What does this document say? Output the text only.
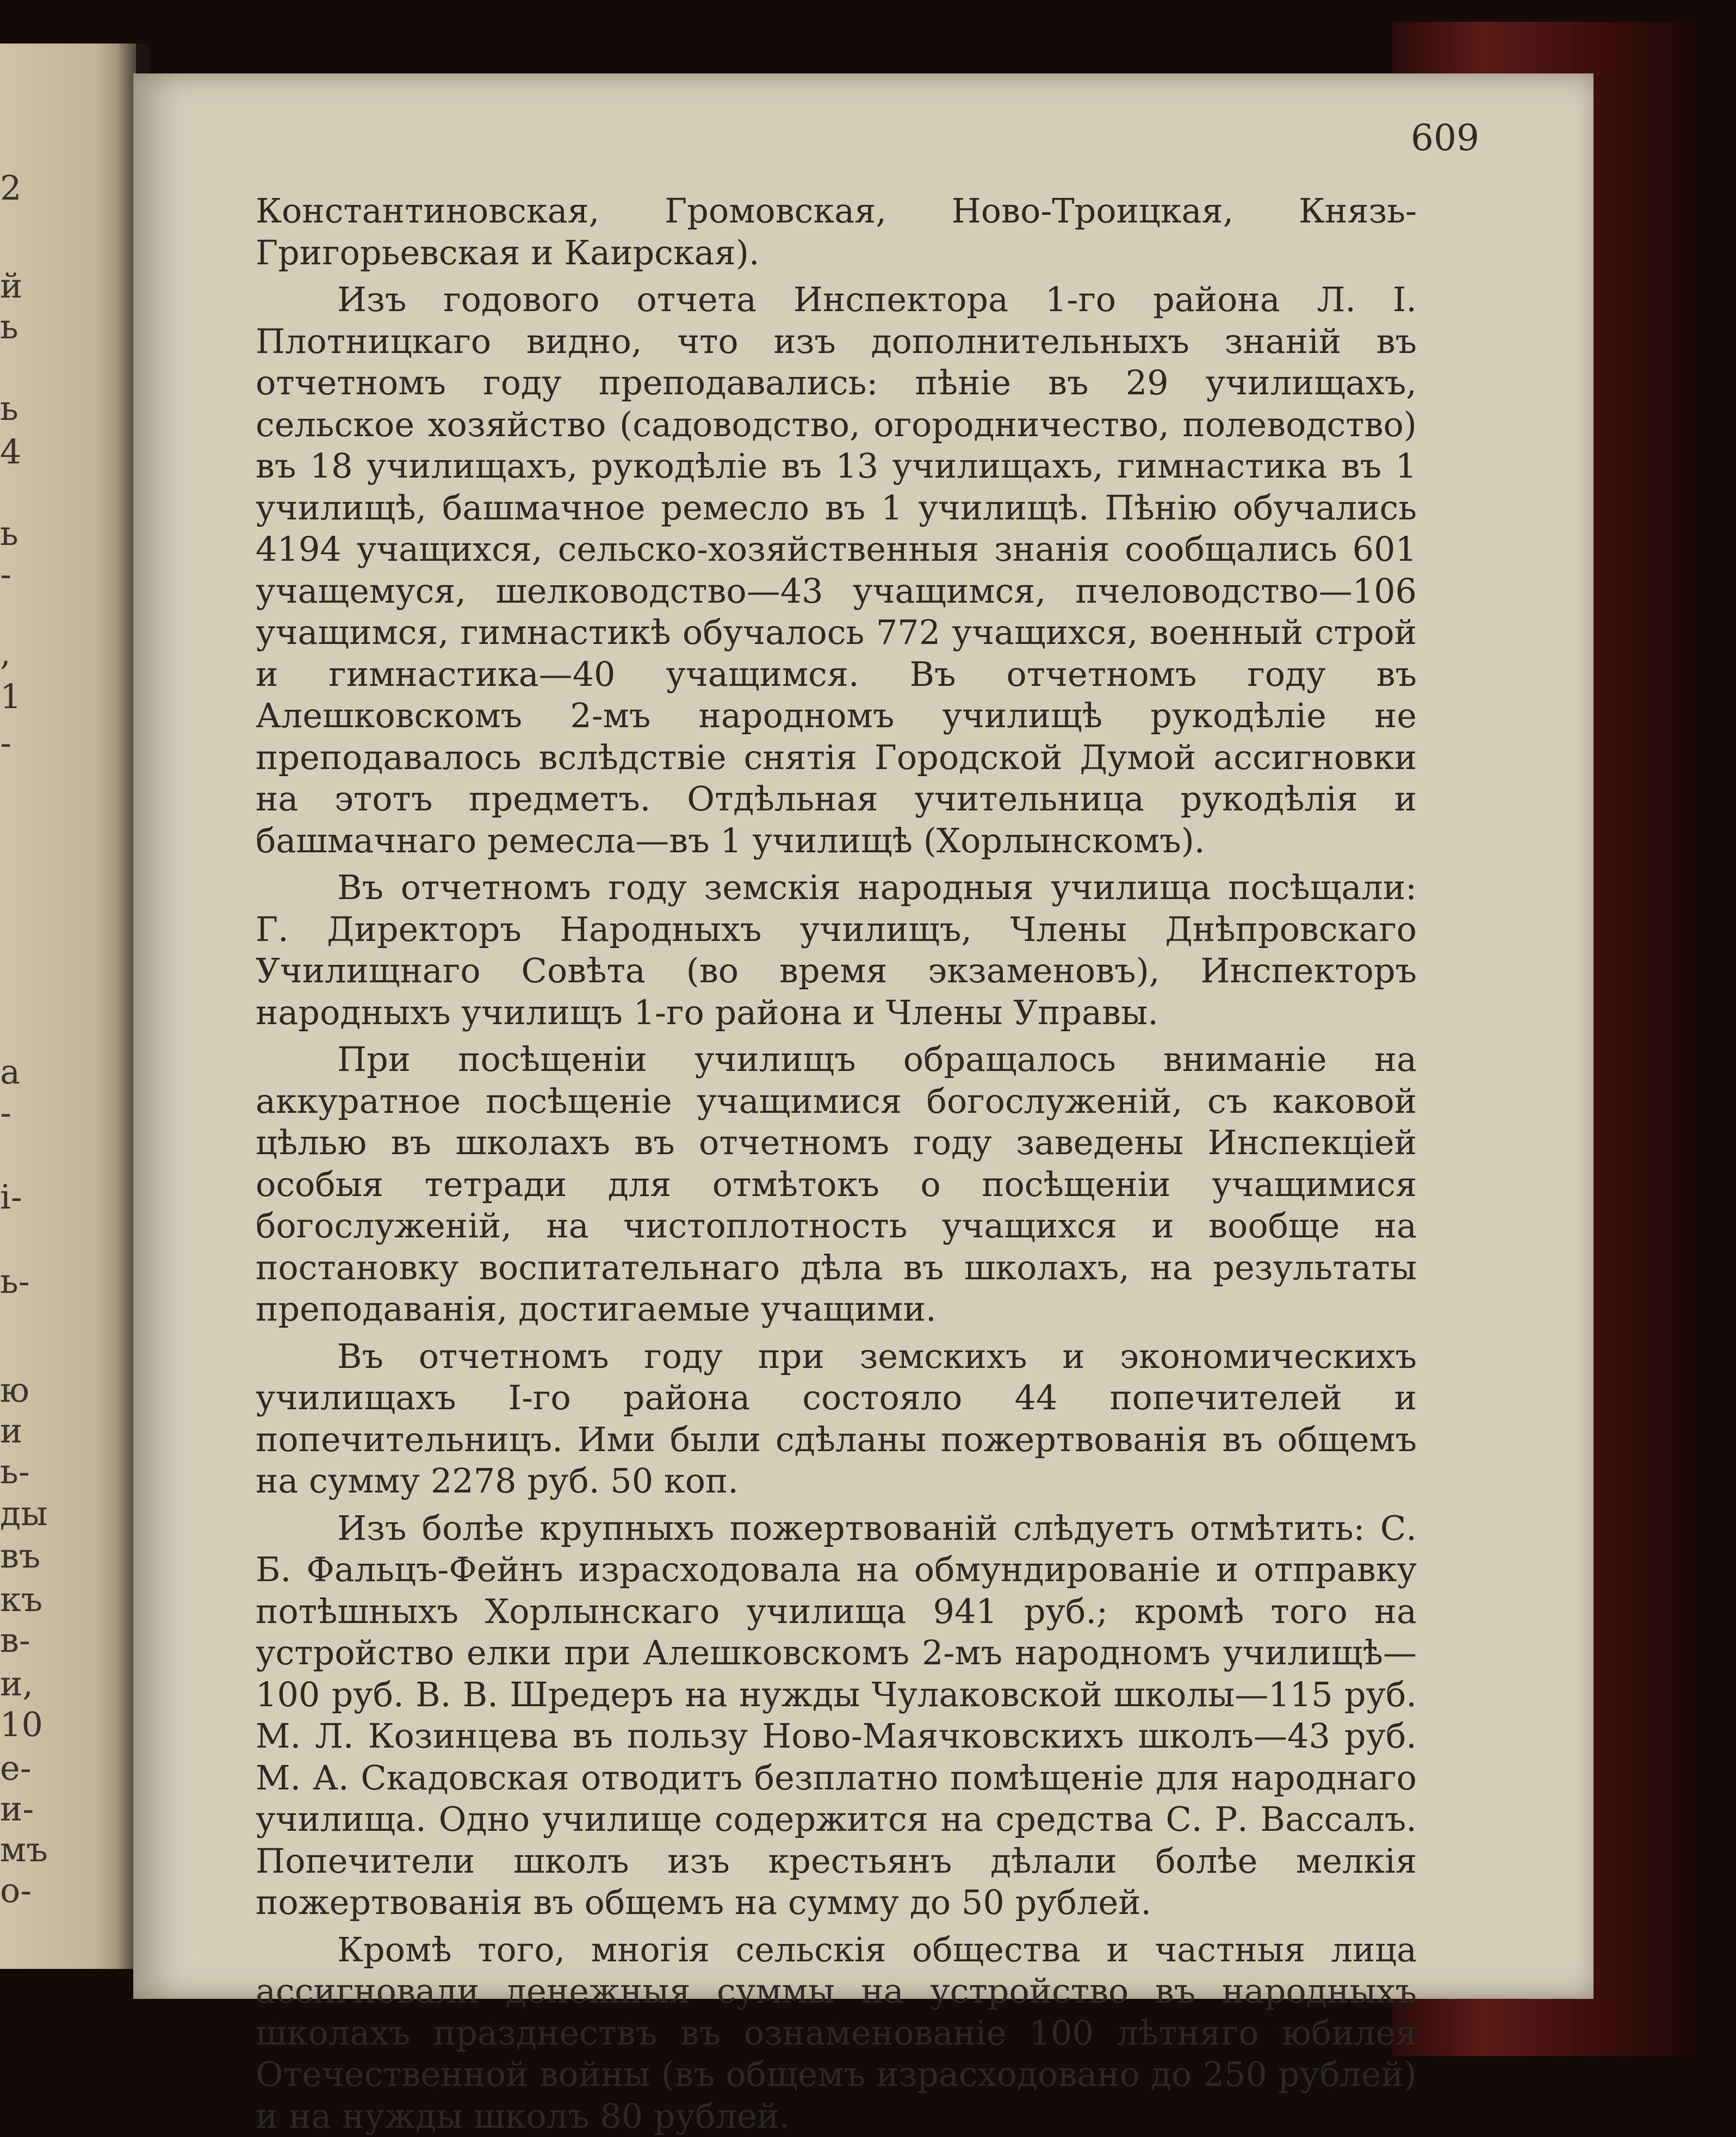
2
й
ь
ь
4
ь
-
,
1
-
а
-
і-
ь-
ю
и
ь-
ды
въ
къ
в-
и,
10
е-
и-
мъ
о-
609

Константиновская, Громовская, Ново-Троицкая, Князь-Григорьевская и Каирская).

Изъ годового отчета Инспектора 1-го района Л. I. Плотницкаго видно, что изъ дополнительныхъ знанiй въ отчетномъ году преподавались: пѣнiе въ 29 училищахъ, сельское хозяйство (садоводство, огородничество, полеводство) въ 18 училищахъ, рукодѣлiе въ 13 училищахъ, гимнастика въ 1 училищѣ, башмачное ремесло въ 1 училищѣ. Пѣнiю обучались 4194 учащихся, сельско-хозяйственныя знанiя сообщались 601 учащемуся, шелководство—43 учащимся, пчеловодство—106 учащимся, гимнастикѣ обучалось 772 учащихся, военный строй и гимнастика—40 учащимся. Въ отчетномъ году въ Алешковскомъ 2-мъ народномъ училищѣ рукодѣлiе не преподавалось вслѣдствiе снятiя Городской Думой ассигновки на этотъ предметъ. Отдѣльная учительница рукодѣлiя и башмачнаго ремесла—въ 1 училищѣ (Хорлынскомъ).

Въ отчетномъ году земскiя народныя училища посѣщали: Г. Директоръ Народныхъ училищъ, Члены Днѣпровскаго Училищнаго Совѣта (во время экзаменовъ), Инспекторъ народныхъ училищъ 1-го района и Члены Управы.

При посѣщенiи училищъ обращалось вниманiе на аккуратное посѣщенiе учащимися богослуженiй, съ каковой цѣлью въ школахъ въ отчетномъ году заведены Инспекцiей особыя тетради для отмѣтокъ о посѣщенiи учащимися богослуженiй, на чистоплотность учащихся и вообще на постановку воспитательнаго дѣла въ школахъ, на результаты преподаванiя, достигаемые учащими.

Въ отчетномъ году при земскихъ и экономическихъ училищахъ I-го района состояло 44 попечителей и попечительницъ. Ими были сдѣланы пожертвованiя въ общемъ на сумму 2278 руб. 50 коп.

Изъ болѣе крупныхъ пожертвованiй слѣдуетъ отмѣтить: С. Б. Фальцъ-Фейнъ израсходовала на обмундированiе и отправку потѣшныхъ Хорлынскаго училища 941 руб.; кромѣ того на устройство елки при Алешковскомъ 2-мъ народномъ училищѣ—100 руб. В. В. Шредеръ на нужды Чулаковской школы—115 руб. М. Л. Козинцева въ пользу Ново-Маячковскихъ школъ—43 руб. М. А. Скадовская отводитъ безплатно помѣщенiе для народнаго училища. Одно училище содержится на средства С. Р. Вассалъ. Попечители школъ изъ крестьянъ дѣлали болѣе мелкiя пожертвованiя въ общемъ на сумму до 50 рублей.

Кромѣ того, многiя сельскiя общества и частныя лица ассигновали денежныя суммы на устройство въ народныхъ школахъ празднествъ въ ознаменованiе 100 лѣтняго юбилея Отечественной войны (въ общемъ израсходовано до 250 рублей) и на нужды школъ 80 рублей.
